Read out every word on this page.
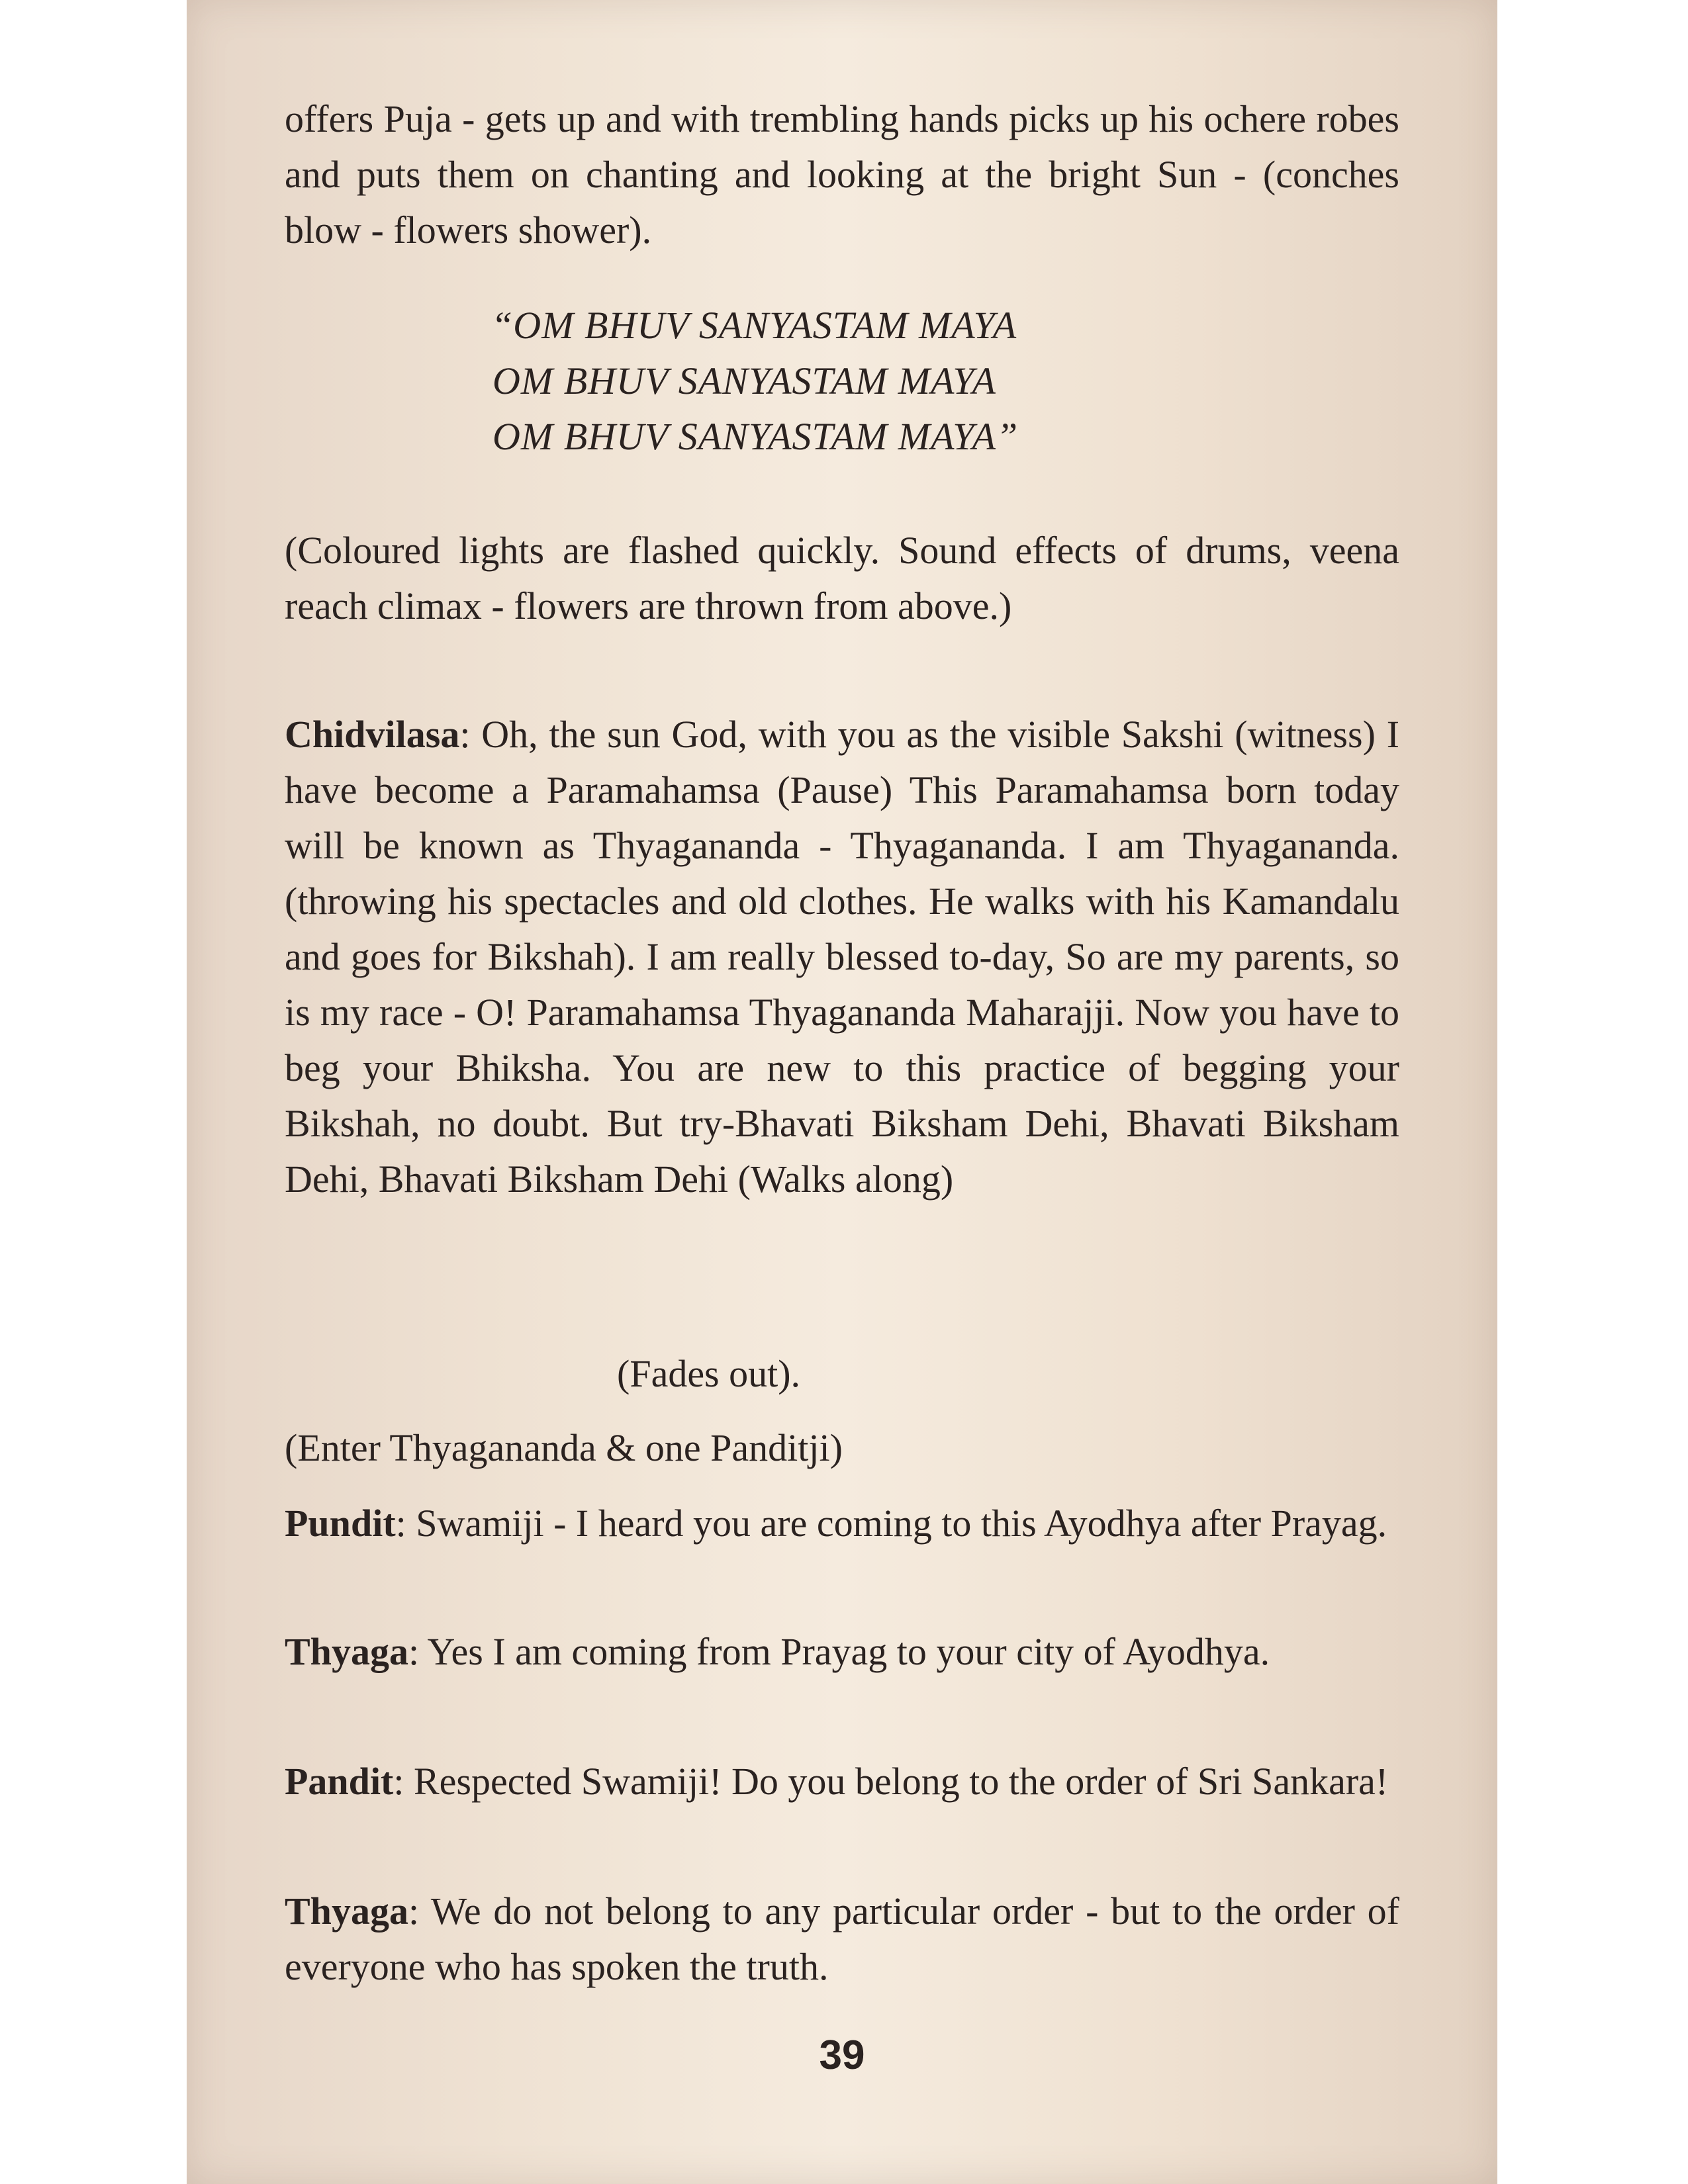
offers Puja - gets up and with trembling hands picks up his ochere robes and puts them on chanting and looking at the bright Sun - (conches blow - flowers shower).

“OM BHUV SANYASTAM MAYA
OM BHUV SANYASTAM MAYA
OM BHUV SANYASTAM MAYA”

(Coloured lights are flashed quickly. Sound effects of drums, veena reach climax - flowers are thrown from above.)

Chidvilasa: Oh, the sun God, with you as the visible Sakshi (witness) I have become a Paramahamsa (Pause) This Paramahamsa born today will be known as Thyagananda - Thyagananda. I am Thyagananda. (throwing his spectacles and old clothes. He walks with his Kamandalu and goes for Bikshah). I am really blessed to-day, So are my parents, so is my race - O! Paramahamsa Thyagananda Maharajji. Now you have to beg your Bhiksha. You are new to this practice of begging your Bikshah, no doubt. But try-Bhavati Biksham Dehi, Bhavati Biksham Dehi, Bhavati Biksham Dehi (Walks along)

(Fades out).

(Enter Thyagananda & one Panditji)

Pundit: Swamiji - I heard you are coming to this Ayodhya after Prayag.

Thyaga: Yes I am coming from Prayag to your city of Ayodhya.

Pandit: Respected Swamiji! Do you belong to the order of Sri Sankara!

Thyaga: We do not belong to any particular order - but to the order of everyone who has spoken the truth.

39
